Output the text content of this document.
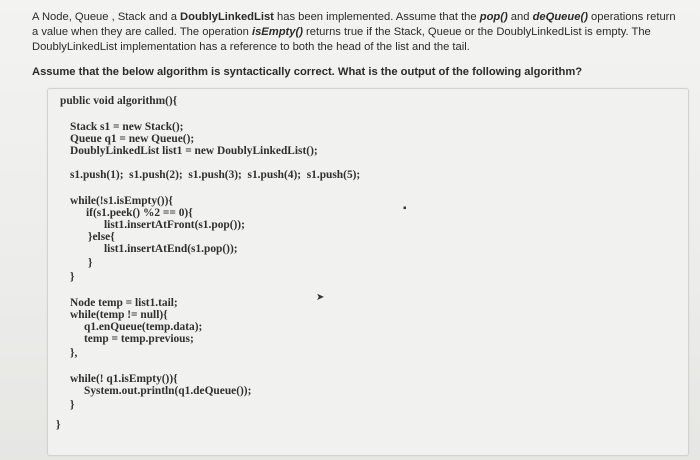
A Node, Queue , Stack and a DoublyLinkedList has been implemented. Assume that the pop() and deQueue() operations return a value when they are called. The operation isEmpty() returns true if the Stack, Queue or the DoublyLinkedList is empty. The DoublyLinkedList implementation has a reference to both the head of the list and the tail.
Assume that the below algorithm is syntactically correct. What is the output of the following algorithm?
public void algorithm(){
Stack s1 = new Stack();
Queue q1 = new Queue();
DoublyLinkedList list1 = new DoublyLinkedList();
s1.push(1);  s1.push(2);  s1.push(3);  s1.push(4);  s1.push(5);
while(!s1.isEmpty()){
if(s1.peek() %2 == 0){
list1.insertAtFront(s1.pop());
}else{
list1.insertAtEnd(s1.pop());
}
}
Node temp = list1.tail;
while(temp != null){
q1.enQueue(temp.data);
temp = temp.previous;
},
while(! q1.isEmpty()){
System.out.println(q1.deQueue());
}
}
▪
➤
